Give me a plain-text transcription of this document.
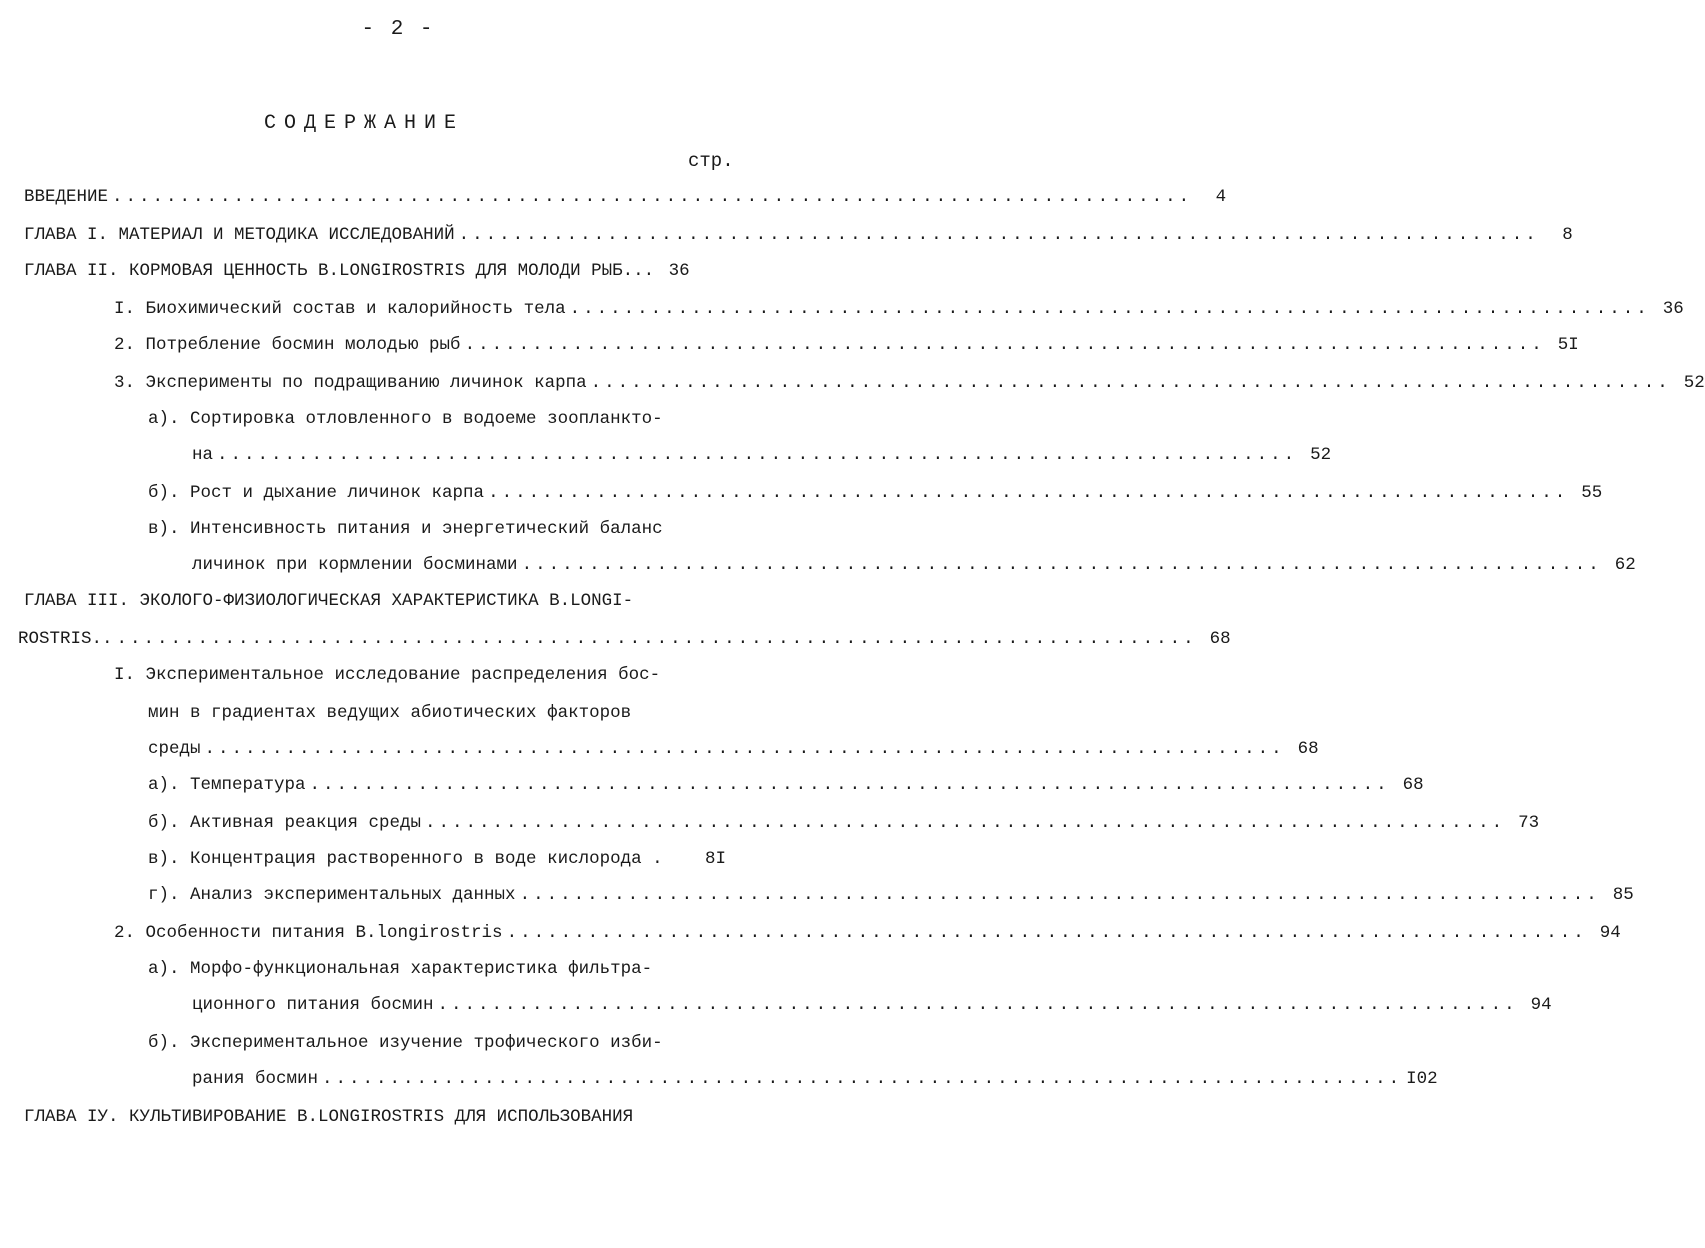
- 2 -
СОДЕРЖАНИЕ
стр.
ВВЕДЕНИЕ ................................................................................	4
ГЛАВА I. МАТЕРИАЛ И МЕТОДИКА ИССЛЕДОВАНИЙ ................................................................................	8
ГЛАВА II. КОРМОВАЯ ЦЕННОСТЬ B.LONGIROSTRIS ДЛЯ МОЛОДИ РЫБ... 36
I. Биохимический состав и калорийность тела ................................................................................ 36
2. Потребление босмин молодью рыб ................................................................................ 5I
3. Эксперименты по подращиванию личинок карпа ................................................................................ 52
а). Сортировка отловленного в водоеме зоопланкто-
на ................................................................................ 52
б). Рост и дыхание личинок карпа ................................................................................ 55
в). Интенсивность питания и энергетический баланс
личинок при кормлении босминами ................................................................................ 62
ГЛАВА III. ЭКОЛОГО-ФИЗИОЛОГИЧЕСКАЯ ХАРАКТЕРИСТИКА B.LONGI-
ROSTRIS.. ................................................................................ 68
I. Экспериментальное исследование распределения бос-
мин в градиентах ведущих абиотических факторов
среды ................................................................................ 68
а). Температура ................................................................................ 68
б). Активная реакция среды ................................................................................ 73
в). Концентрация растворенного в воде кислорода . 8I
г). Анализ экспериментальных данных ................................................................................ 85
2. Особенности питания B.longirostris ................................................................................ 94
а). Морфо-функциональная характеристика фильтра-
ционного питания босмин ................................................................................ 94
б). Экспериментальное изучение трофического изби-
рания босмин ................................................................................ I02
ГЛАВА IУ. КУЛЬТИВИРОВАНИЕ B.LONGIROSTRIS ДЛЯ ИСПОЛЬЗОВАНИЯ
